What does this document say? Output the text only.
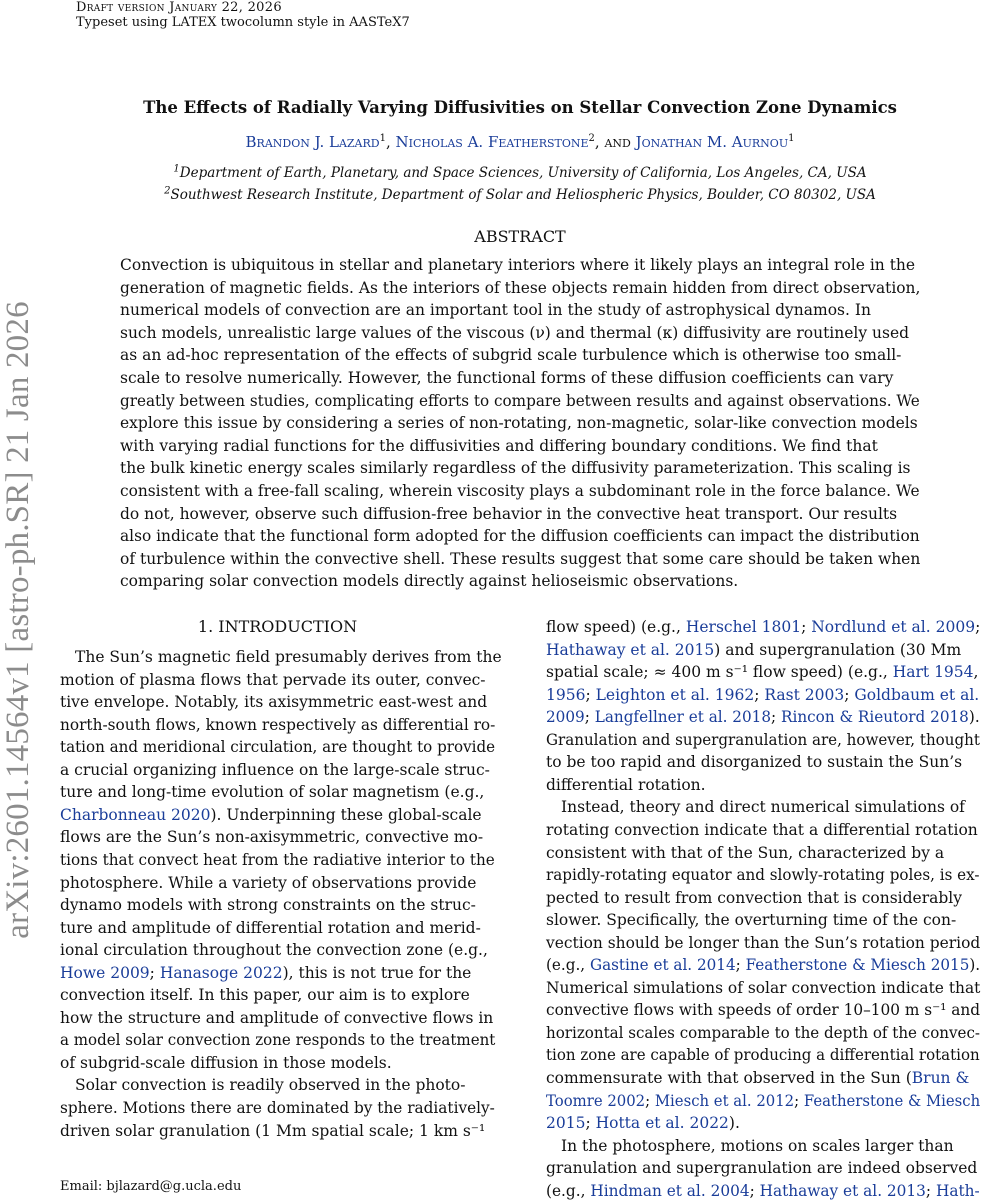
Draft version January 22, 2026
Typeset using LATEX twocolumn style in AASTeX7
arXiv:2601.14564v1 [astro-ph.SR] 21 Jan 2026
The Effects of Radially Varying Diffusivities on Stellar Convection Zone Dynamics
Brandon J. Lazard$^1$, Nicholas A. Featherstone$^2$, and Jonathan M. Aurnou$^1$
$^1$Department of Earth, Planetary, and Space Sciences, University of California, Los Angeles, CA, USA
$^2$Southwest Research Institute, Department of Solar and Heliospheric Physics, Boulder, CO 80302, USA
ABSTRACT
Convection is ubiquitous in stellar and planetary interiors where it likely plays an integral role in the
generation of magnetic fields. As the interiors of these objects remain hidden from direct observation,
numerical models of convection are an important tool in the study of astrophysical dynamos. In
such models, unrealistic large values of the viscous (ν) and thermal (κ) diffusivity are routinely used
as an ad-hoc representation of the effects of subgrid scale turbulence which is otherwise too small-
scale to resolve numerically. However, the functional forms of these diffusion coefficients can vary
greatly between studies, complicating efforts to compare between results and against observations. We
explore this issue by considering a series of non-rotating, non-magnetic, solar-like convection models
with varying radial functions for the diffusivities and differing boundary conditions. We find that
the bulk kinetic energy scales similarly regardless of the diffusivity parameterization. This scaling is
consistent with a free-fall scaling, wherein viscosity plays a subdominant role in the force balance. We
do not, however, observe such diffusion-free behavior in the convective heat transport. Our results
also indicate that the functional form adopted for the diffusion coefficients can impact the distribution
of turbulence within the convective shell. These results suggest that some care should be taken when
comparing solar convection models directly against helioseismic observations.
1. INTRODUCTION
The Sun’s magnetic field presumably derives from the
motion of plasma flows that pervade its outer, convec-
tive envelope. Notably, its axisymmetric east-west and
north-south flows, known respectively as differential ro-
tation and meridional circulation, are thought to provide
a crucial organizing influence on the large-scale struc-
ture and long-time evolution of solar magnetism (e.g.,
Charbonneau 2020). Underpinning these global-scale
flows are the Sun’s non-axisymmetric, convective mo-
tions that convect heat from the radiative interior to the
photosphere. While a variety of observations provide
dynamo models with strong constraints on the struc-
ture and amplitude of differential rotation and merid-
ional circulation throughout the convection zone (e.g.,
Howe 2009; Hanasoge 2022), this is not true for the
convection itself. In this paper, our aim is to explore
how the structure and amplitude of convective flows in
a model solar convection zone responds to the treatment
of subgrid-scale diffusion in those models.
Solar convection is readily observed in the photo-
sphere. Motions there are dominated by the radiatively-
driven solar granulation (1 Mm spatial scale; 1 km s⁻¹
flow speed) (e.g., Herschel 1801; Nordlund et al. 2009;
Hathaway et al. 2015) and supergranulation (30 Mm
spatial scale; ≈ 400 m s⁻¹ flow speed) (e.g., Hart 1954,
1956; Leighton et al. 1962; Rast 2003; Goldbaum et al.
2009; Langfellner et al. 2018; Rincon & Rieutord 2018).
Granulation and supergranulation are, however, thought
to be too rapid and disorganized to sustain the Sun’s
differential rotation.
Instead, theory and direct numerical simulations of
rotating convection indicate that a differential rotation
consistent with that of the Sun, characterized by a
rapidly-rotating equator and slowly-rotating poles, is ex-
pected to result from convection that is considerably
slower. Specifically, the overturning time of the con-
vection should be longer than the Sun’s rotation period
(e.g., Gastine et al. 2014; Featherstone & Miesch 2015).
Numerical simulations of solar convection indicate that
convective flows with speeds of order 10–100 m s⁻¹ and
horizontal scales comparable to the depth of the convec-
tion zone are capable of producing a differential rotation
commensurate with that observed in the Sun (Brun &
Toomre 2002; Miesch et al. 2012; Featherstone & Miesch
2015; Hotta et al. 2022).
In the photosphere, motions on scales larger than
granulation and supergranulation are indeed observed
(e.g., Hindman et al. 2004; Hathaway et al. 2013; Hath-
Email: bjlazard@g.ucla.edu
